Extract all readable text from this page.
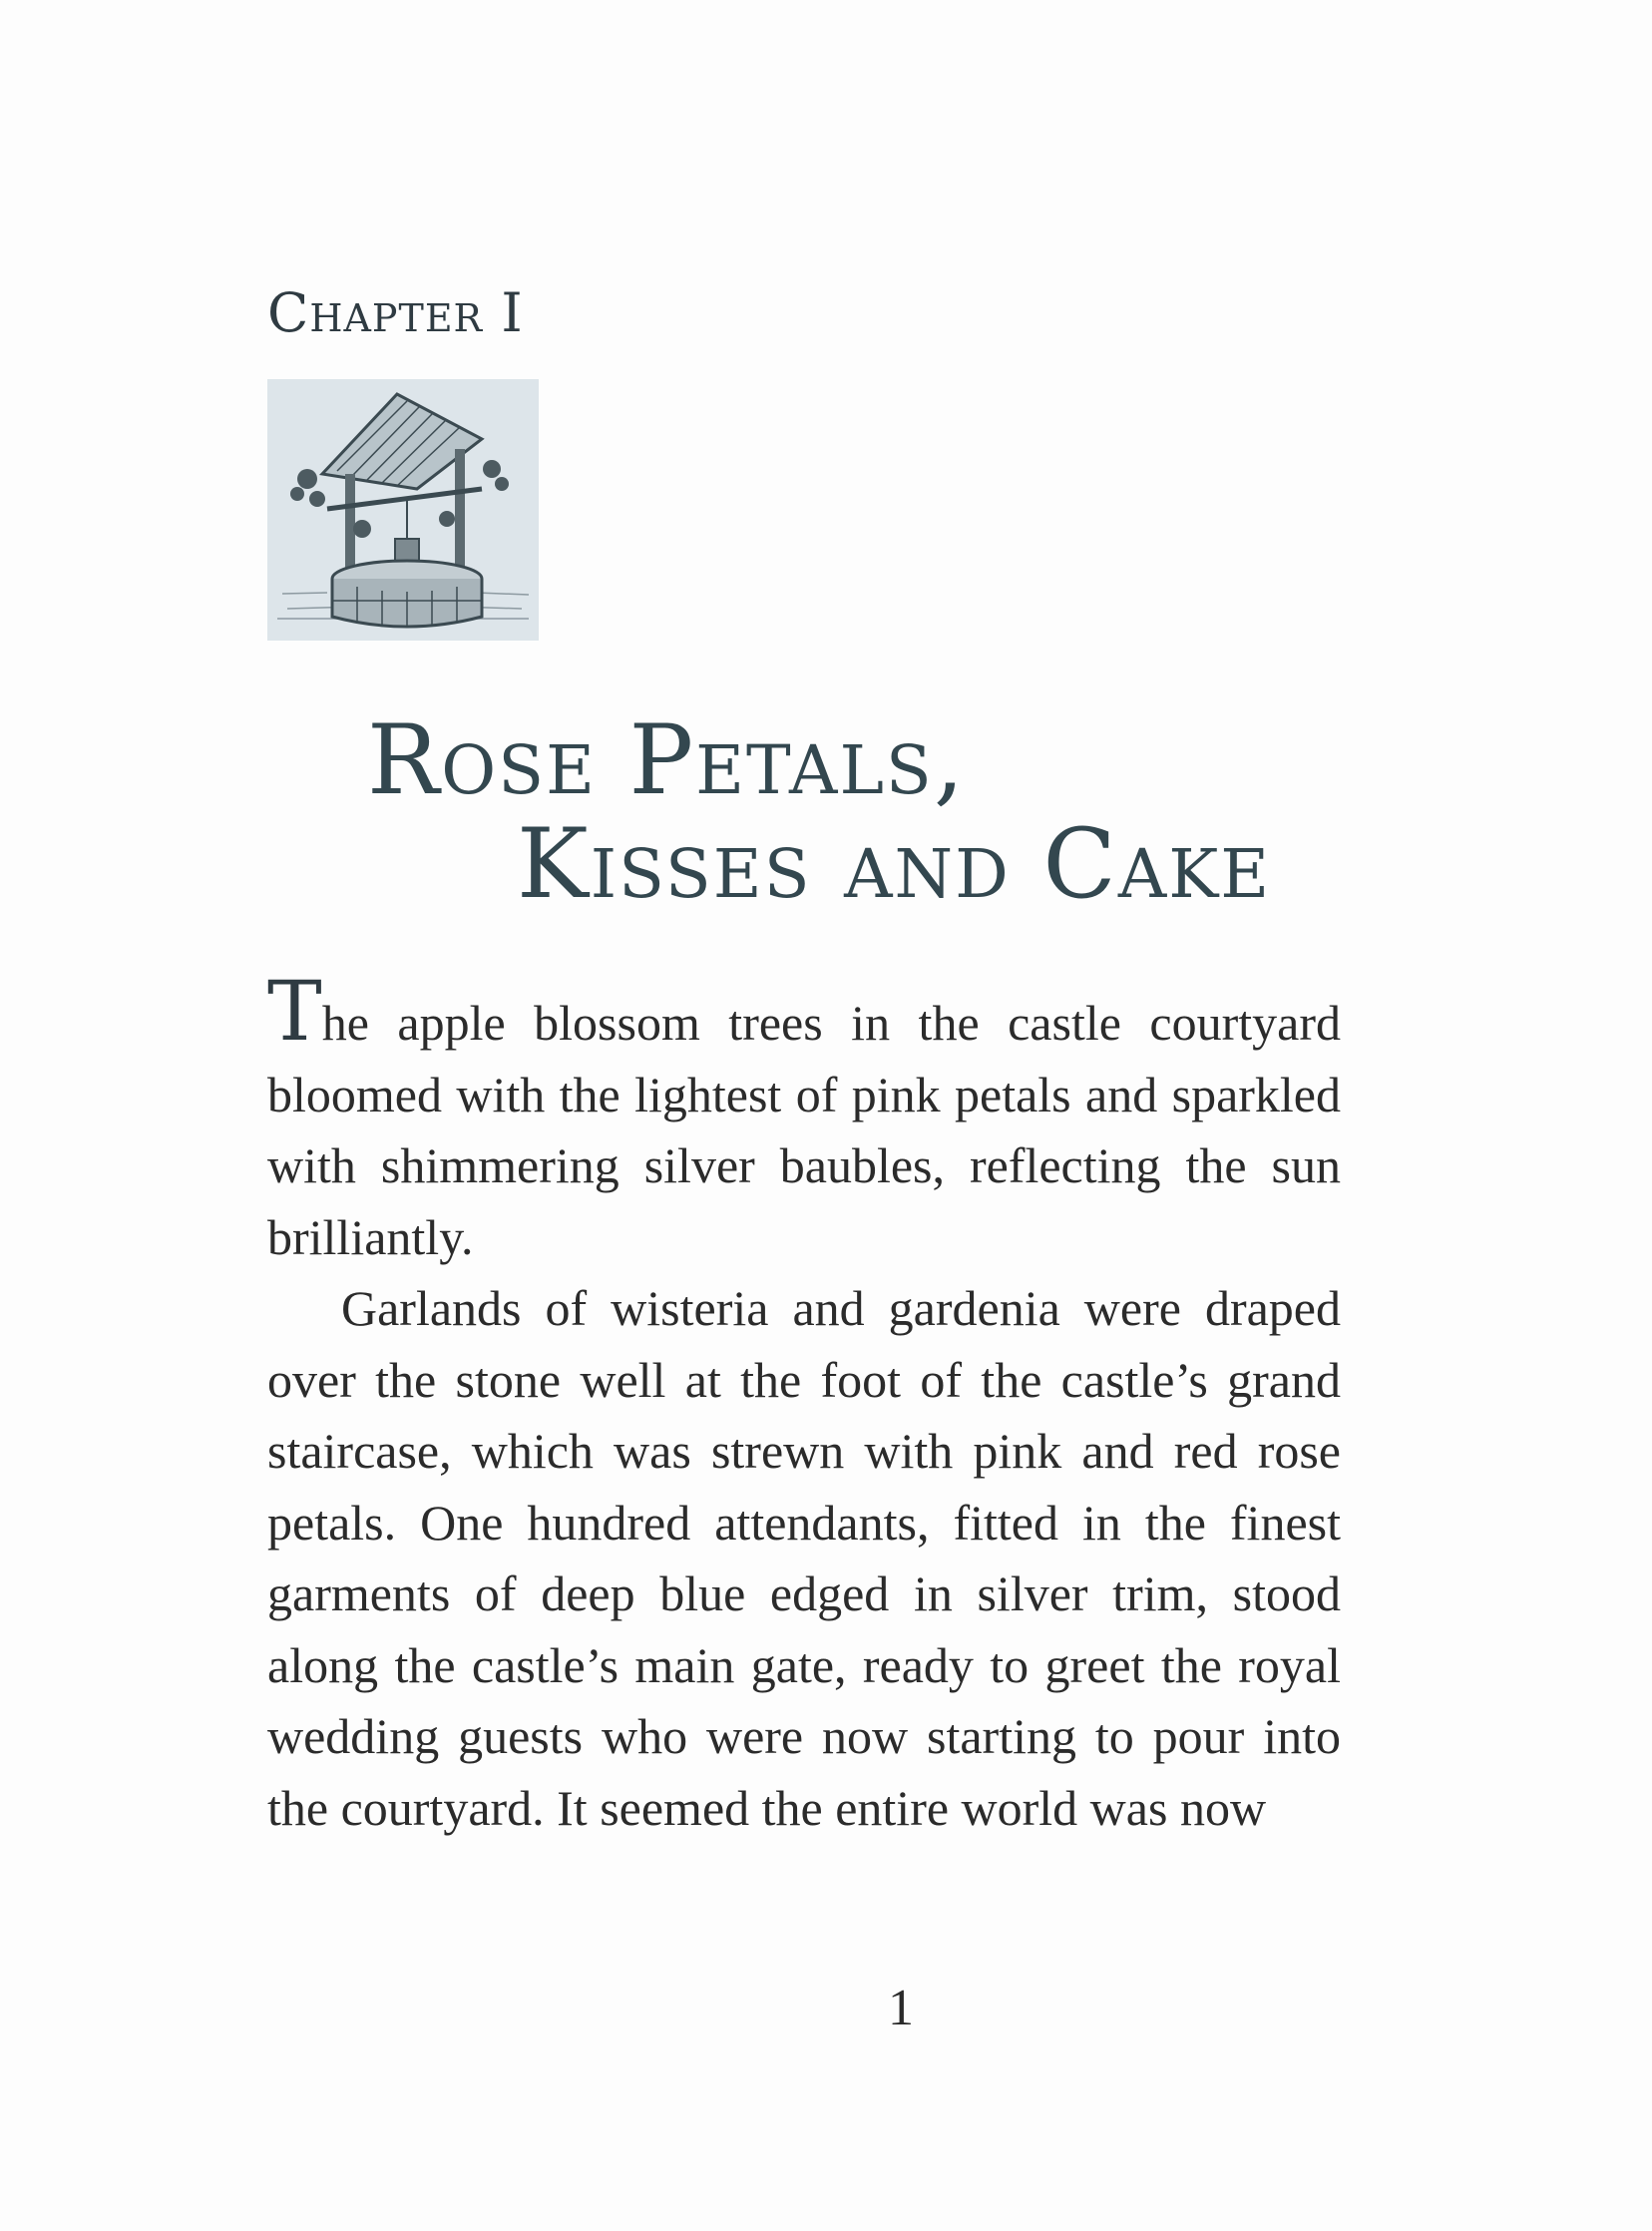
Chapter I
Rose Petals,
Kisses and Cake

The apple blossom trees in the castle courtyard bloomed with the lightest of pink petals and sparkled with shimmering silver baubles, reflecting the sun brilliantly.

Garlands of wisteria and gardenia were draped over the stone well at the foot of the castle’s grand staircase, which was strewn with pink and red rose petals. One hundred attendants, fitted in the finest garments of deep blue edged in silver trim, stood along the castle’s main gate, ready to greet the royal wedding guests who were now starting to pour into the courtyard. It seemed the entire world was now

1
